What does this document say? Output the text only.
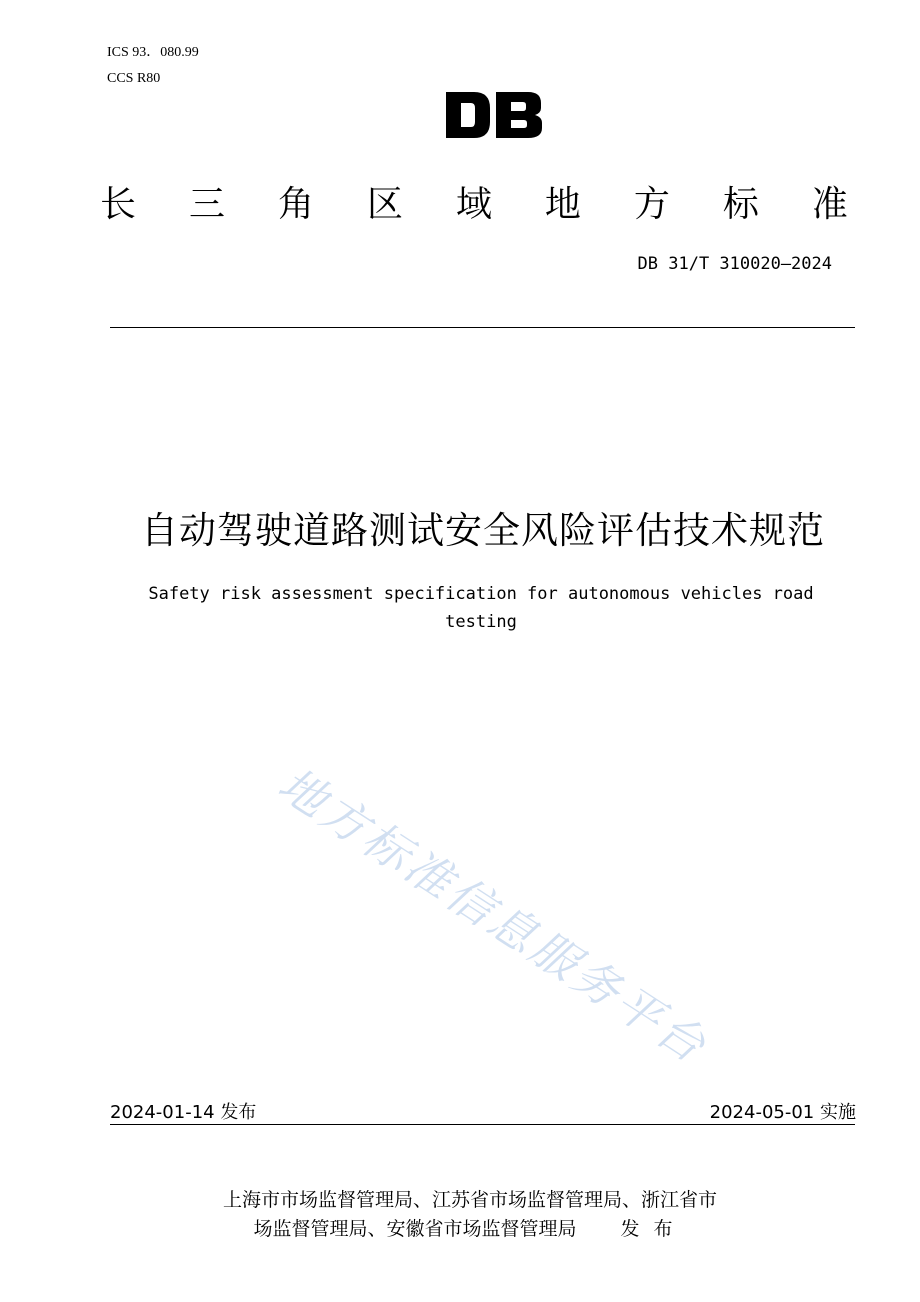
ICS 93．080.99
CCS R80
长 三 角 区 域 地 方 标 准
DB 31/T 310020—2024
自动驾驶道路测试安全风险评估技术规范
Safety risk assessment specification for autonomous vehicles road testing
地方标准信息服务平台
2024-01-14 发布	2024-05-01 实施
上海市市场监督管理局、江苏省市场监督管理局、浙江省市
场监督管理局、安徽省市场监督管理局 发布
